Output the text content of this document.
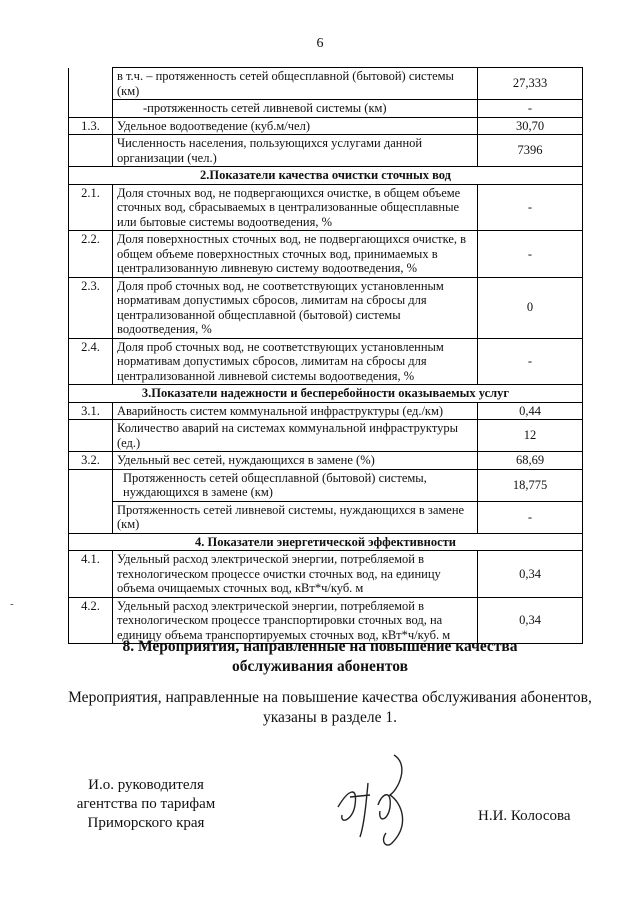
6
	в т.ч. – протяженность сетей общесплавной (бытовой) системы (км)	27,333
	-протяженность сетей ливневой системы (км)	-
1.3.	Удельное водоотведение (куб.м/чел)	30,70
	Численность населения, пользующихся услугами данной организации (чел.)	7396
2.Показатели качества очистки сточных вод		
2.1.	Доля сточных вод, не подвергающихся очистке, в общем объеме сточных вод, сбрасываемых в централизованные общесплавные или бытовые системы водоотведения, %	-
2.2.	Доля поверхностных сточных вод, не подвергающихся очистке, в общем объеме поверхностных сточных вод, принимаемых в централизованную ливневую систему водоотведения, %	-
2.3.	Доля проб сточных вод, не соответствующих установленным нормативам допустимых сбросов, лимитам на сбросы для централизованной общесплавной (бытовой) системы водоотведения, %	0
2.4.	Доля проб сточных вод, не соответствующих установленным нормативам допустимых сбросов, лимитам на сбросы для централизованной ливневой системы водоотведения, %	-
3.Показатели надежности и бесперебойности оказываемых услуг		
3.1.	Аварийность систем коммунальной инфраструктуры (ед./км)	0,44
	Количество аварий на системах коммунальной инфраструктуры (ед.)	12
3.2.	Удельный вес сетей, нуждающихся в замене (%)	68,69
	Протяженность сетей общесплавной (бытовой) системы, нуждающихся в замене (км)	18,775
	Протяженность сетей ливневой системы, нуждающихся в замене (км)	-
4. Показатели энергетической эффективности		
4.1.	Удельный расход электрической энергии, потребляемой в технологическом процессе очистки сточных вод, на единицу объема очищаемых сточных вод, кВт*ч/куб. м	0,34
4.2.	Удельный расход электрической энергии, потребляемой в технологическом процессе транспортировки сточных вод, на единицу объема транспортируемых сточных вод, кВт*ч/куб. м	0,34
-
8. Мероприятия, направленные на повышение качества
обслуживания абонентов
Мероприятия, направленные на повышение качества обслуживания абонентов,
указаны в разделе 1.
И.о. руководителя
агентства по тарифам
Приморского края	Н.И. Колосова
